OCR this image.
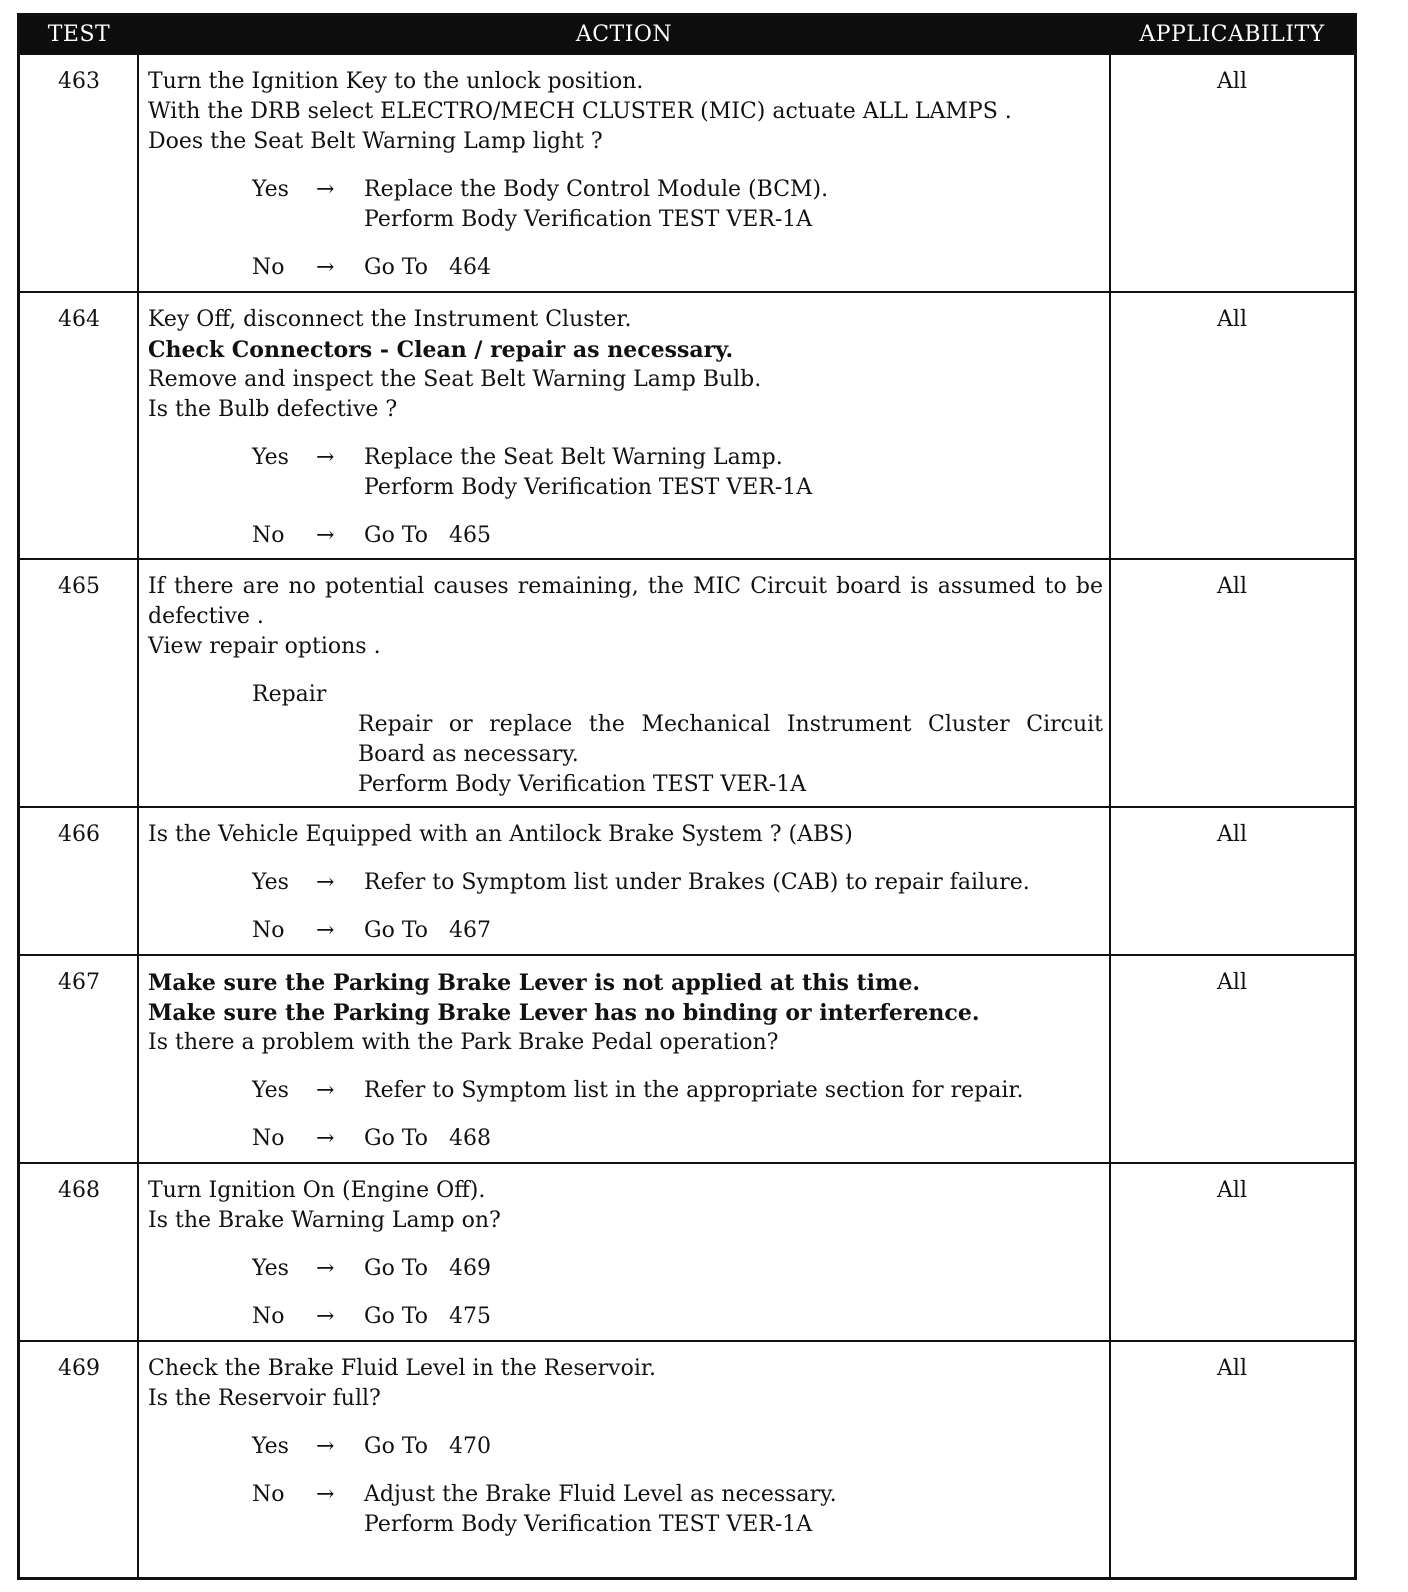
TEST	ACTION	APPLICABILITY
463	Turn the Ignition Key to the unlock position.
With the DRB select ELECTRO/MECH CLUSTER (MIC) actuate ALL LAMPS .
Does the Seat Belt Warning Lamp light ?
Yes → Replace the Body Control Module (BCM).
Perform Body Verification TEST VER-1A
No → Go To   464
All
464	Key Off, disconnect the Instrument Cluster.
Check Connectors - Clean / repair as necessary.
Remove and inspect the Seat Belt Warning Lamp Bulb.
Is the Bulb defective ?
Yes → Replace the Seat Belt Warning Lamp.
Perform Body Verification TEST VER-1A
No → Go To   465
All
465	If there are no potential causes remaining, the MIC Circuit board is assumed to be defective .
View repair options .
Repair
Repair or replace the Mechanical Instrument Cluster Circuit Board as necessary.
Perform Body Verification TEST VER-1A
All
466	Is the Vehicle Equipped with an Antilock Brake System ? (ABS)
Yes → Refer to Symptom list under Brakes (CAB) to repair failure.
No → Go To   467
All
467	Make sure the Parking Brake Lever is not applied at this time.
Make sure the Parking Brake Lever has no binding or interference.
Is there a problem with the Park Brake Pedal operation?
Yes → Refer to Symptom list in the appropriate section for repair.
No → Go To   468
All
468	Turn Ignition On (Engine Off).
Is the Brake Warning Lamp on?
Yes → Go To   469
No → Go To   475
All
469	Check the Brake Fluid Level in the Reservoir.
Is the Reservoir full?
Yes → Go To   470
No → Adjust the Brake Fluid Level as necessary.
Perform Body Verification TEST VER-1A
All
